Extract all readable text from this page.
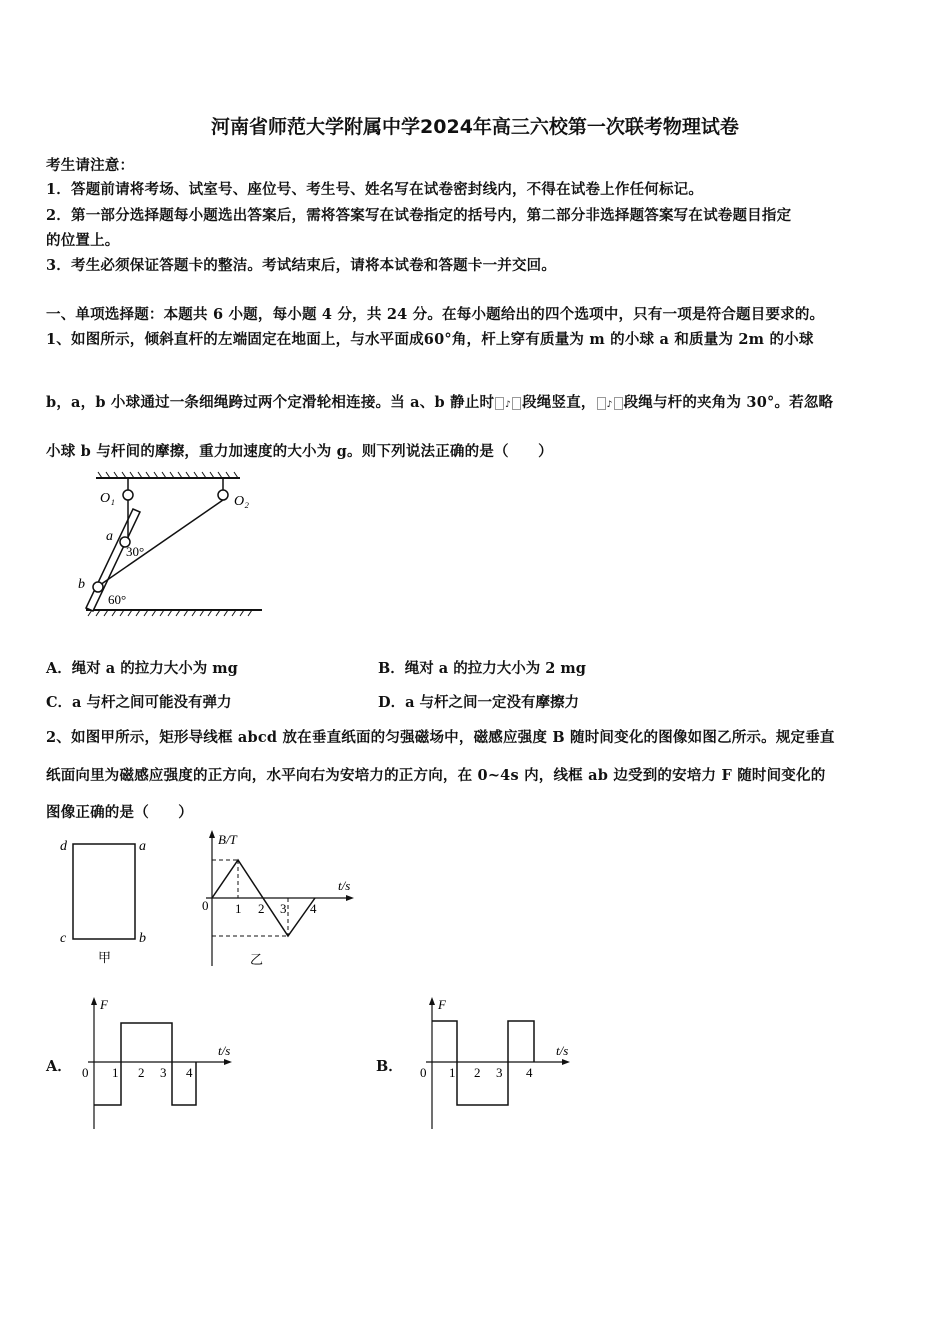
河南省师范大学附属中学2024年高三六校第一次联考物理试卷
考生请注意：
1．答题前请将考场、试室号、座位号、考生号、姓名写在试卷密封线内，不得在试卷上作任何标记。
2．第一部分选择题每小题选出答案后，需将答案写在试卷指定的括号内，第二部分非选择题答案写在试卷题目指定
的位置上。
3．考生必须保证答题卡的整洁。考试结束后，请将本试卷和答题卡一并交回。
一、单项选择题：本题共 6 小题，每小题 4 分，共 24 分。在每小题给出的四个选项中，只有一项是符合题目要求的。
1、如图所示，倾斜直杆的左端固定在地面上，与水平面成60°角，杆上穿有质量为 m 的小球 a 和质量为 2m 的小球
b，a，b 小球通过一条细绳跨过两个定滑轮相连接。当 a、b 静止时 ♪ 段绳竖直， ♪ 段绳与杆的夹角为 30°。若忽略
小球 b 与杆间的摩擦，重力加速度的大小为 g。则下列说法正确的是（　　）
O₁	O₂
a
b
30°
60°
A．绳对 a 的拉力大小为 mg	B．绳对 a 的拉力大小为 2 mg
C．a 与杆之间可能没有弹力	D．a 与杆之间一定没有摩擦力
2、如图甲所示，矩形导线框 abcd 放在垂直纸面的匀强磁场中，磁感应强度 B 随时间变化的图像如图乙所示。规定垂直
纸面向里为磁感应强度的正方向，水平向右为安培力的正方向，在 0~4s 内，线框 ab 边受到的安培力 F 随时间变化的
图像正确的是（　　）
d	a
c	b
甲
B/T
t/s
0 1 2 3 4
乙
A．
F
t/s
0 1 2 3 4	B．
F
t/s
0 1 2 3 4
